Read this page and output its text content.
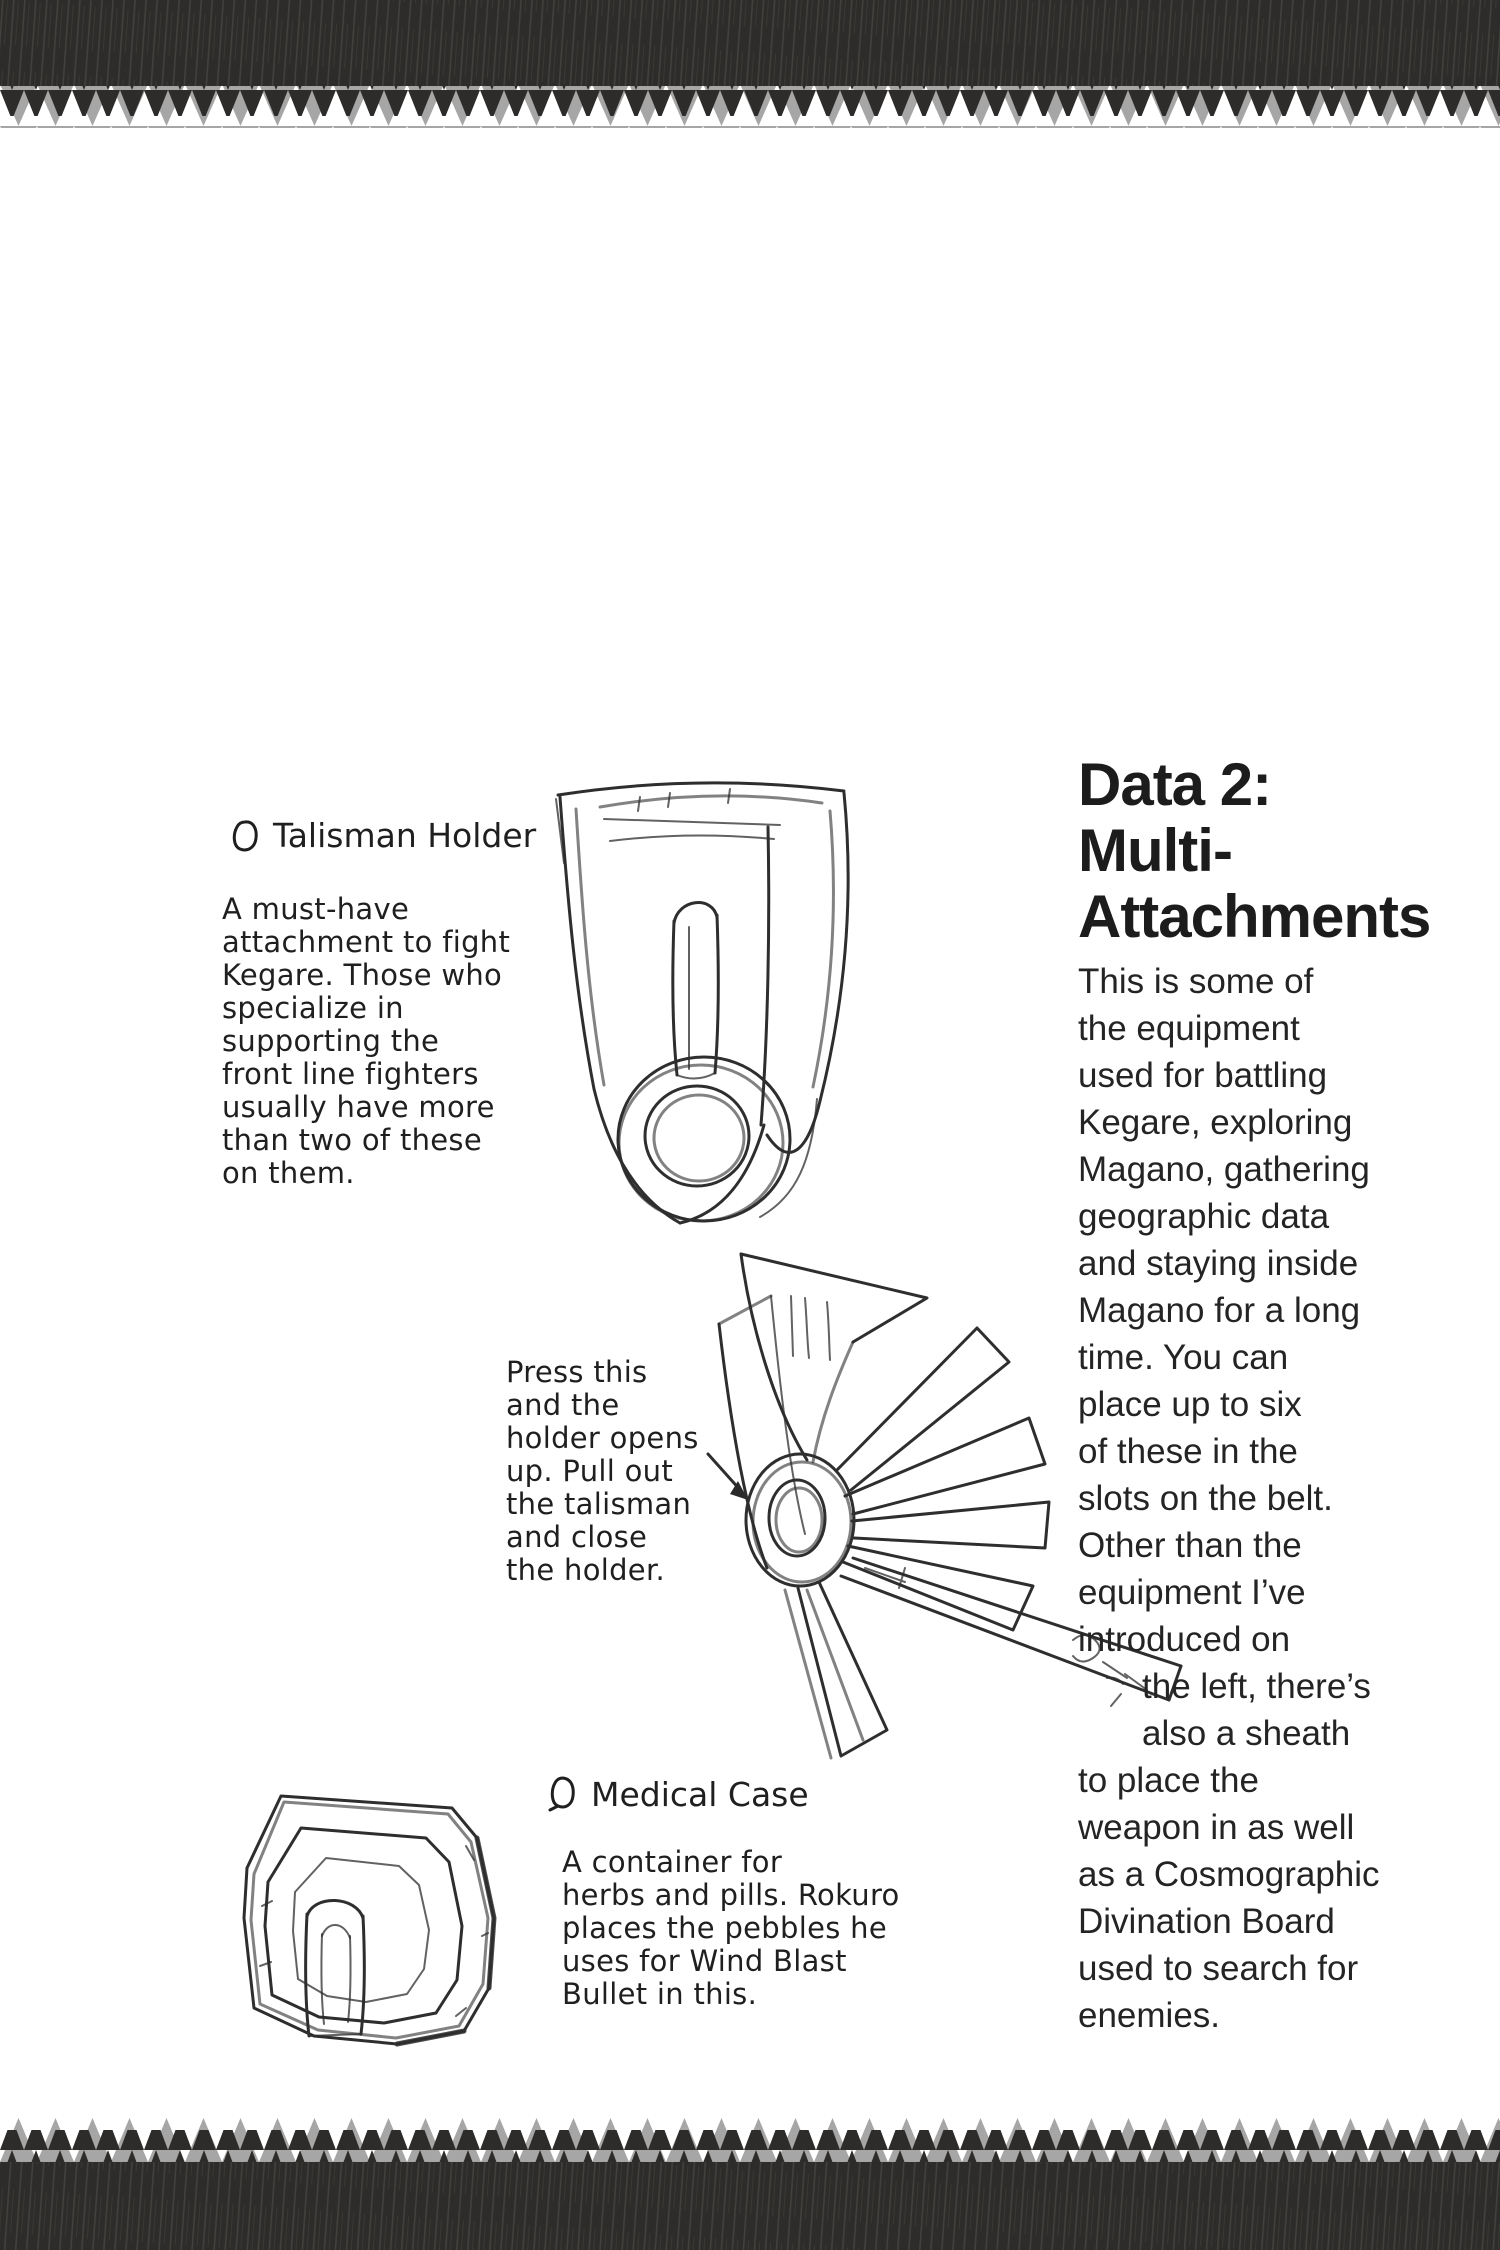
Talisman Holder
A must-have
attachment to fight
Kegare. Those who
specialize in
supporting the
front line fighters
usually have more
than two of these
on them.
Press this
and the
holder opens
up. Pull out
the talisman
and close
the holder.
Medical Case
A container for
herbs and pills. Rokuro
places the pebbles he
uses for Wind Blast
Bullet in this.
Data 2:
Multi-
Attachments
This is some of
the equipment
used for battling
Kegare, exploring
Magano, gathering
geographic data
and staying inside
Magano for a long
time. You can
place up to six
of these in the
slots on the belt.
Other than the
equipment I’ve
introduced on
the left, there’s
also a sheath
to place the
weapon in as well
as a Cosmographic
Divination Board
used to search for
enemies.
